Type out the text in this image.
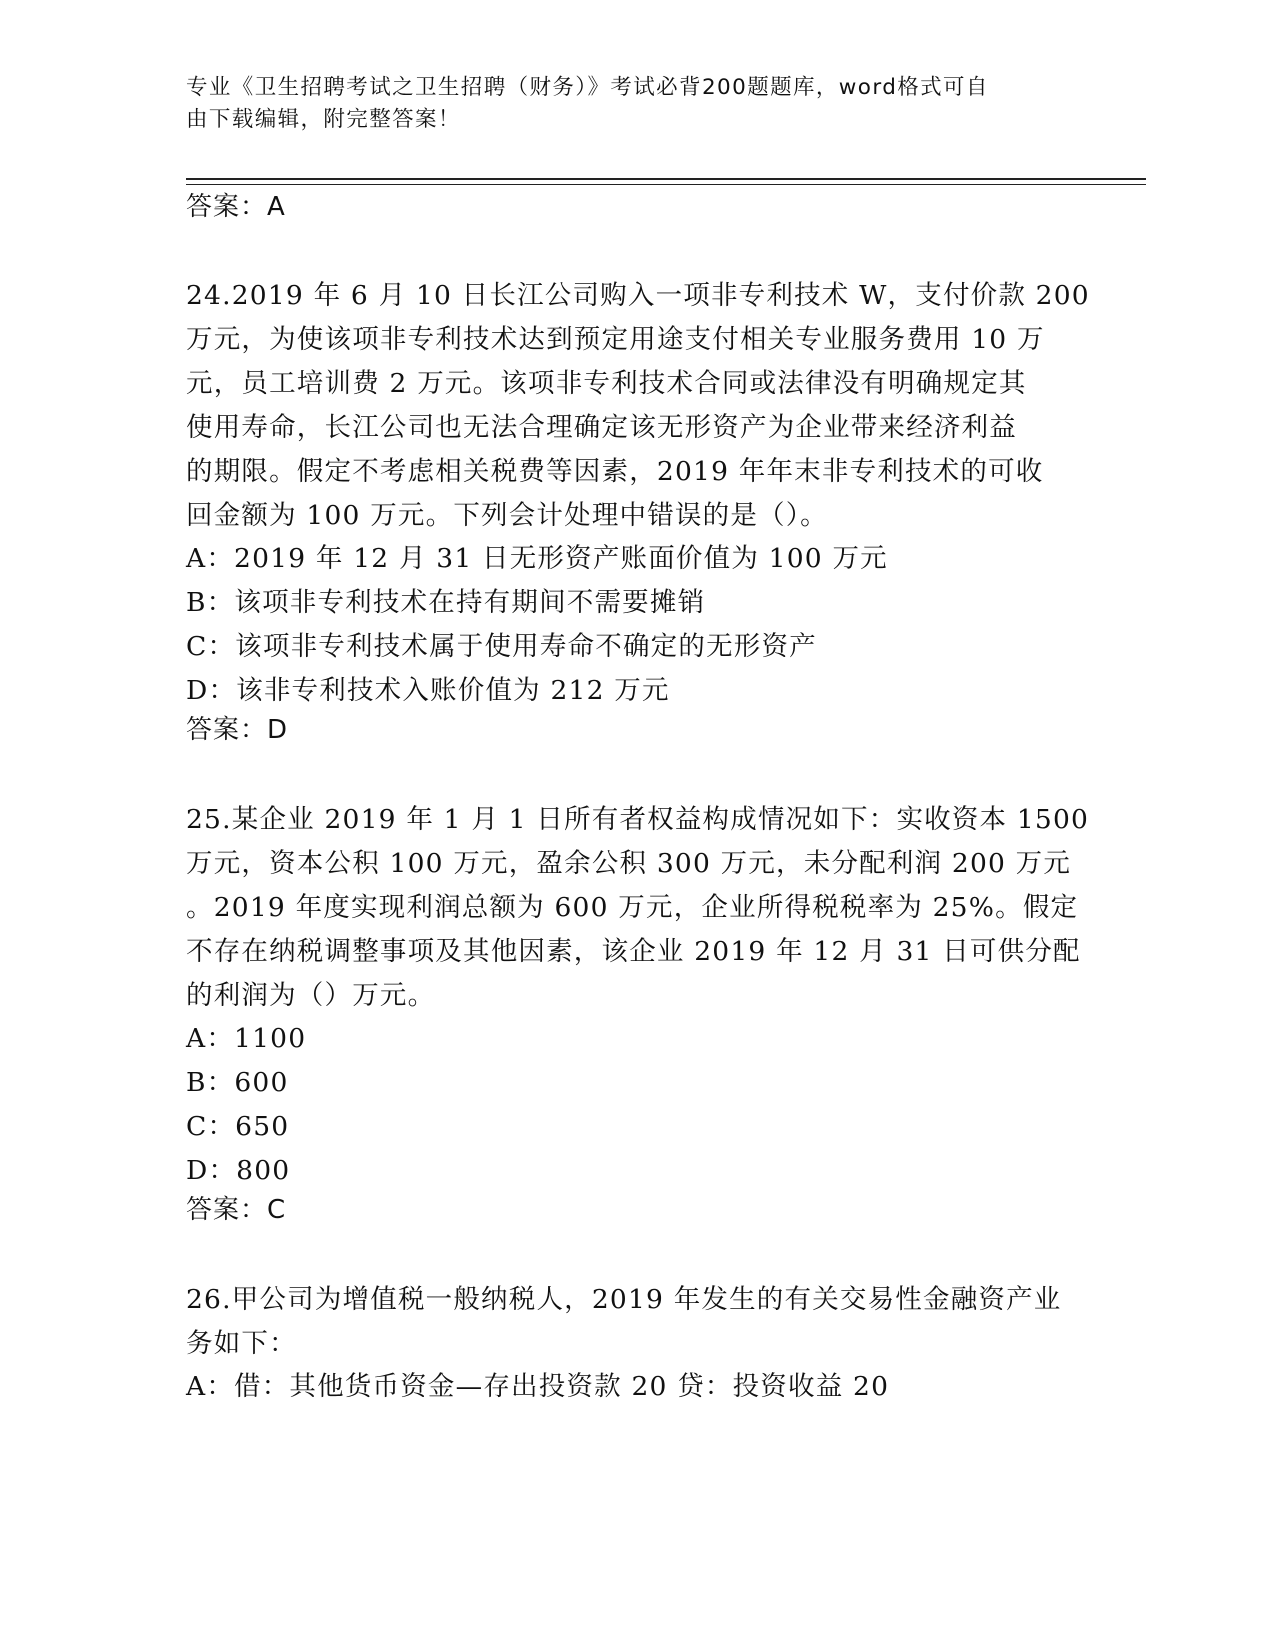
专业《卫生招聘考试之卫生招聘（财务）》考试必背200题题库，word格式可自
由下载编辑，附完整答案！
答案：A
24.2019 年 6 月 10 日长江公司购入一项非专利技术 W，支付价款 200
万元，为使该项非专利技术达到预定用途支付相关专业服务费用 10 万
元，员工培训费 2 万元。该项非专利技术合同或法律没有明确规定其
使用寿命，长江公司也无法合理确定该无形资产为企业带来经济利益
的期限。假定不考虑相关税费等因素，2019 年年末非专利技术的可收
回金额为 100 万元。下列会计处理中错误的是（）。
A：2019 年 12 月 31 日无形资产账面价值为 100 万元
B：该项非专利技术在持有期间不需要摊销
C：该项非专利技术属于使用寿命不确定的无形资产
D：该非专利技术入账价值为 212 万元
答案：D
25.某企业 2019 年 1 月 1 日所有者权益构成情况如下：实收资本 1500
万元，资本公积 100 万元，盈余公积 300 万元，未分配利润 200 万元
。2019 年度实现利润总额为 600 万元，企业所得税税率为 25%。假定
不存在纳税调整事项及其他因素，该企业 2019 年 12 月 31 日可供分配
的利润为（）万元。
A：1100
B：600
C：650
D：800
答案：C
26.甲公司为增值税一般纳税人，2019 年发生的有关交易性金融资产业
务如下：
A：借：其他货币资金—存出投资款 20 贷：投资收益 20
